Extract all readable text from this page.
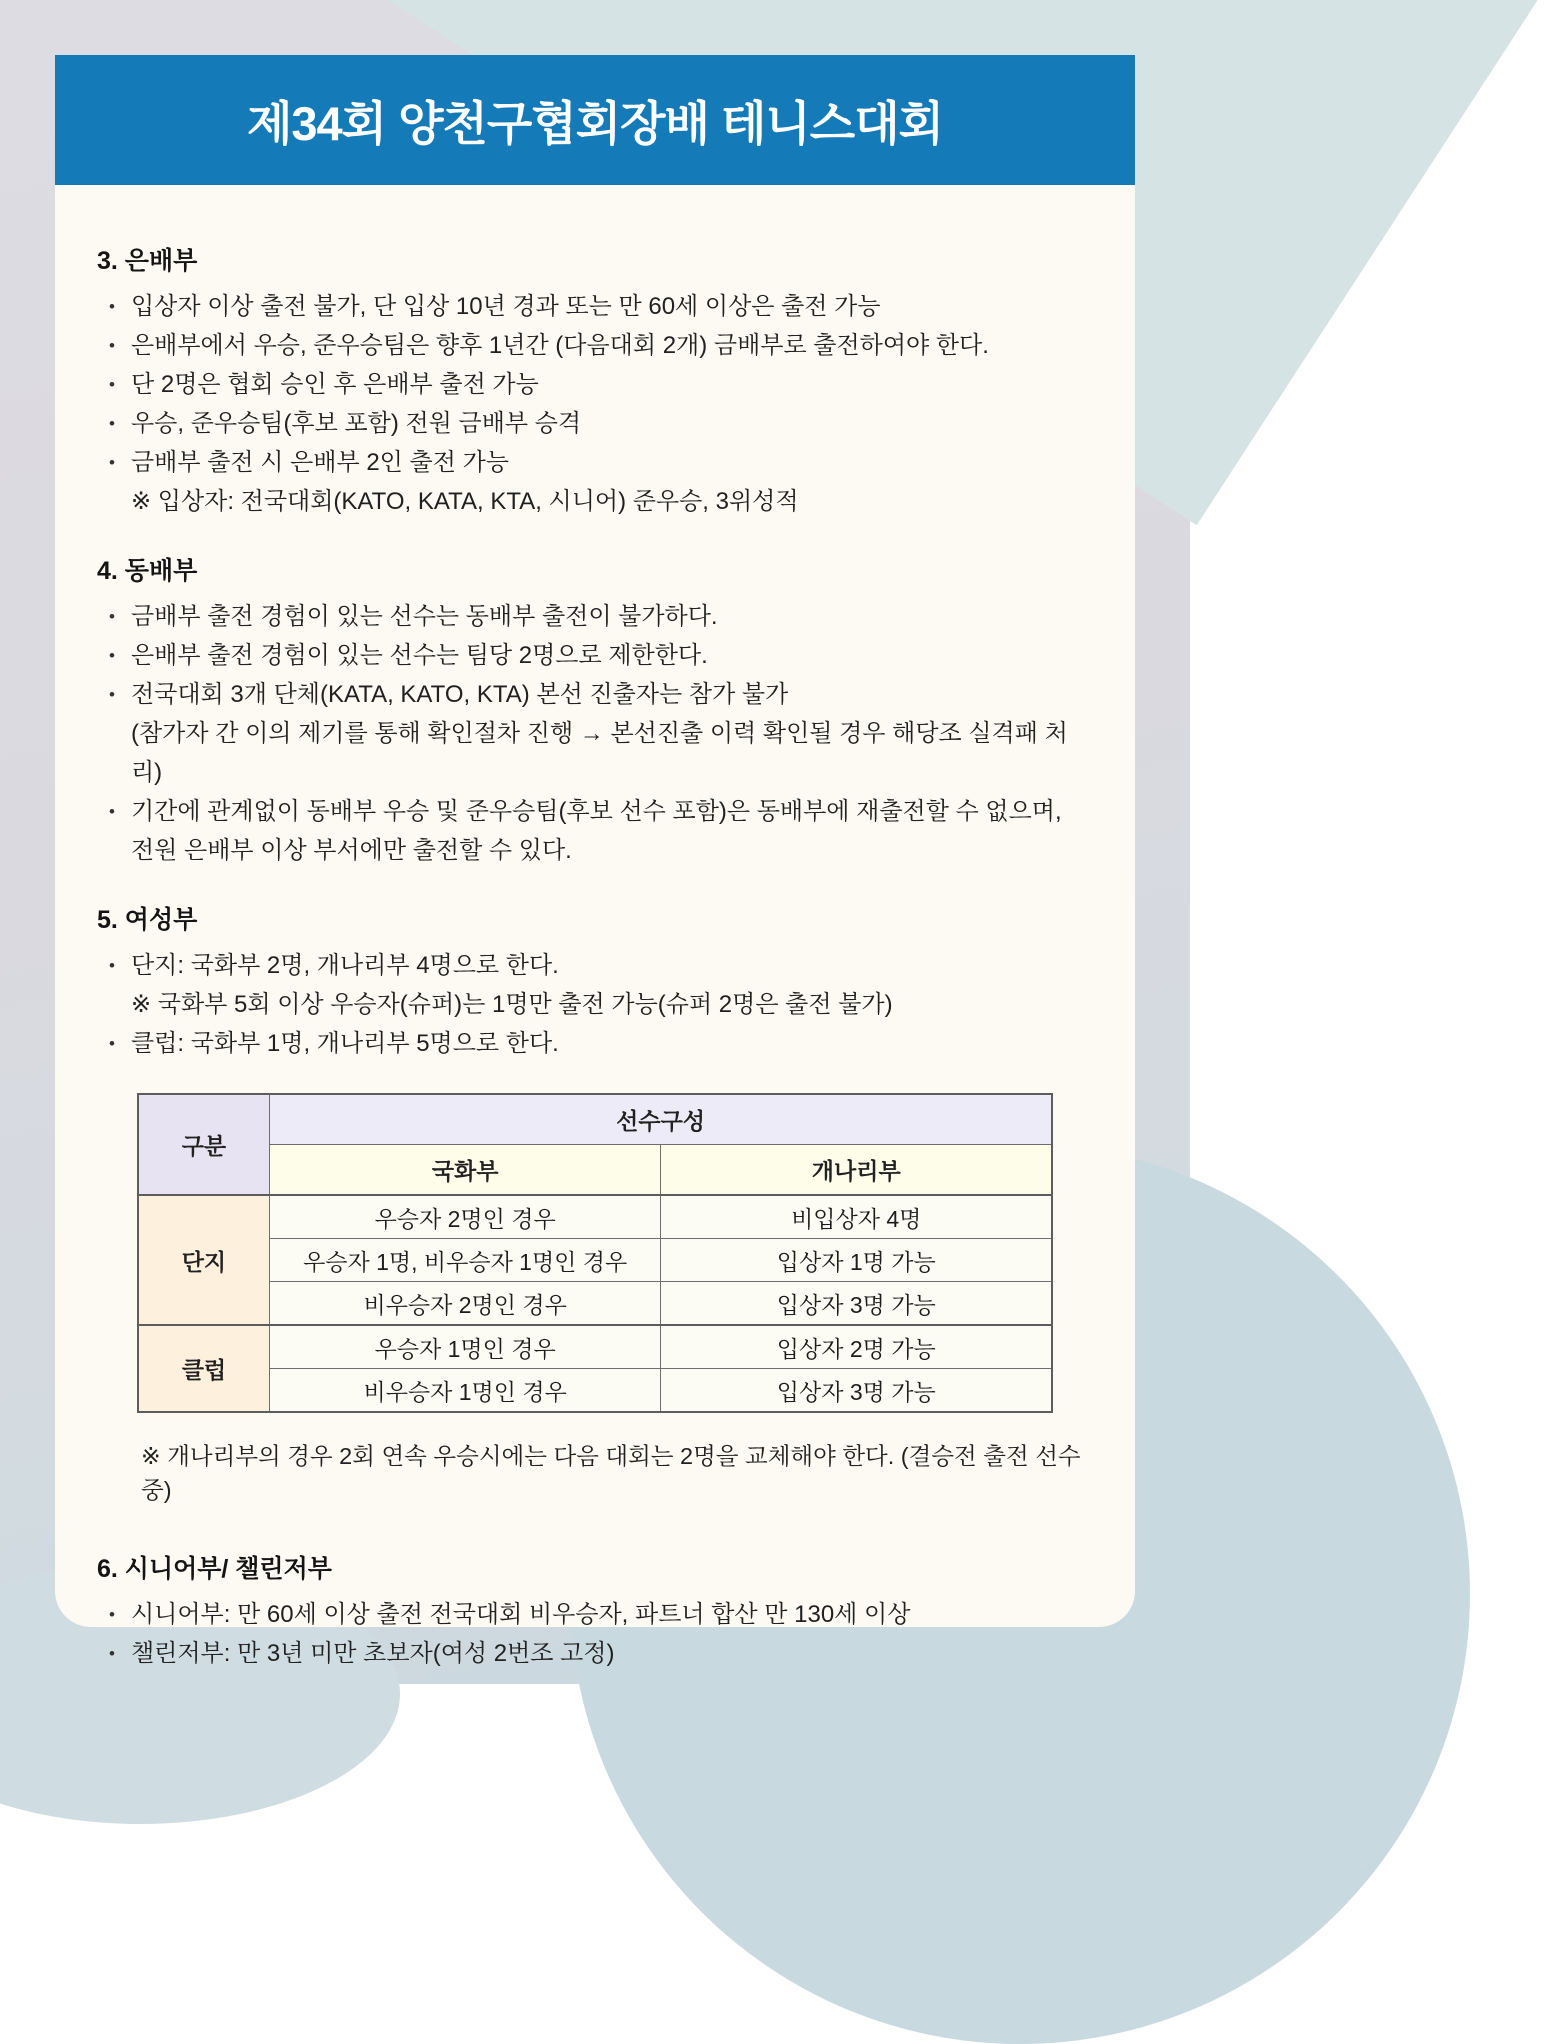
제34회 양천구협회장배 테니스대회
3. 은배부
• 입상자 이상 출전 불가, 단 입상 10년 경과 또는 만 60세 이상은 출전 가능
• 은배부에서 우승, 준우승팀은 향후 1년간 (다음대회 2개) 금배부로 출전하여야 한다.
• 단 2명은 협회 승인 후 은배부 출전 가능
• 우승, 준우승팀(후보 포함) 전원 금배부 승격
• 금배부 출전 시 은배부 2인 출전 가능
※ 입상자: 전국대회(KATO, KATA, KTA, 시니어) 준우승, 3위성적
4. 동배부
• 금배부 출전 경험이 있는 선수는 동배부 출전이 불가하다.
• 은배부 출전 경험이 있는 선수는 팀당 2명으로 제한한다.
• 전국대회 3개 단체(KATA, KATO, KTA) 본선 진출자는 참가 불가
(참가자 간 이의 제기를 통해 확인절차 진행 → 본선진출 이력 확인될 경우 해당조 실격패 처리)
• 기간에 관계없이 동배부 우승 및 준우승팀(후보 선수 포함)은 동배부에 재출전할 수 없으며,
전원 은배부 이상 부서에만 출전할 수 있다.
5. 여성부
• 단지: 국화부 2명, 개나리부 4명으로 한다.
※ 국화부 5회 이상 우승자(슈퍼)는 1명만 출전 가능(슈퍼 2명은 출전 불가)
• 클럽: 국화부 1명, 개나리부 5명으로 한다.
구분	선수구성	
	국화부	개나리부
단지	우승자 2명인 경우	비입상자 4명
	우승자 1명, 비우승자 1명인 경우	입상자 1명 가능
	비우승자 2명인 경우	입상자 3명 가능
클럽	우승자 1명인 경우	입상자 2명 가능
	비우승자 1명인 경우	입상자 3명 가능

※ 개나리부의 경우 2회 연속 우승시에는 다음 대회는 2명을 교체해야 한다. (결승전 출전 선수 중)

6. 시니어부/ 챌린저부
• 시니어부: 만 60세 이상 출전 전국대회 비우승자, 파트너 합산 만 130세 이상
• 챌린저부: 만 3년 미만 초보자(여성 2번조 고정)
